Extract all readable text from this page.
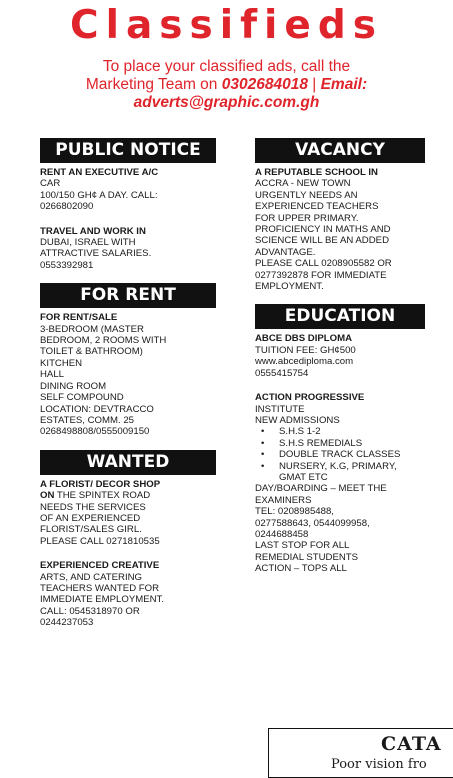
Classifieds
To place your classified ads, call the
Marketing Team on 0302684018 | Email:
adverts@graphic.com.gh
PUBLIC NOTICE
RENT AN EXECUTIVE A/C
CAR
100/150 GH¢ A DAY. CALL:
0266802090
TRAVEL AND WORK IN
DUBAI, ISRAEL WITH
ATTRACTIVE SALARIES.
0553392981
FOR RENT
FOR RENT/SALE
3-BEDROOM (MASTER
BEDROOM, 2 ROOMS WITH
TOILET & BATHROOM)
KITCHEN
HALL
DINING ROOM
SELF COMPOUND
LOCATION: DEVTRACCO
ESTATES, COMM. 25
0268498808/0555009150
WANTED
A FLORIST/ DECOR SHOP
ON THE SPINTEX ROAD
NEEDS THE SERVICES
OF AN EXPERIENCED
FLORIST/SALES GIRL.
PLEASE CALL 0271810535
EXPERIENCED CREATIVE
ARTS, AND CATERING
TEACHERS WANTED FOR
IMMEDIATE EMPLOYMENT.
CALL: 0545318970 OR
0244237053
VACANCY
A REPUTABLE SCHOOL IN
ACCRA - NEW TOWN
URGENTLY NEEDS AN
EXPERIENCED TEACHERS
FOR UPPER PRIMARY.
PROFICIENCY IN MATHS AND
SCIENCE WILL BE AN ADDED
ADVANTAGE.
PLEASE CALL 0208905582 OR
0277392878 FOR IMMEDIATE
EMPLOYMENT.
EDUCATION
ABCE DBS DIPLOMA
TUITION FEE: GH¢500
www.abcediploma.com
0555415754
ACTION PROGRESSIVE
INSTITUTE
NEW ADMISSIONS
• S.H.S 1-2
• S.H.S REMEDIALS
• DOUBLE TRACK CLASSES
• NURSERY, K.G, PRIMARY, GMAT ETC
DAY/BOARDING – MEET THE
EXAMINERS
TEL: 0208985488,
0277588643, 0544099958,
0244688458
LAST STOP FOR ALL
REMEDIAL STUDENTS
ACTION – TOPS ALL
CATA
Poor vision fro
